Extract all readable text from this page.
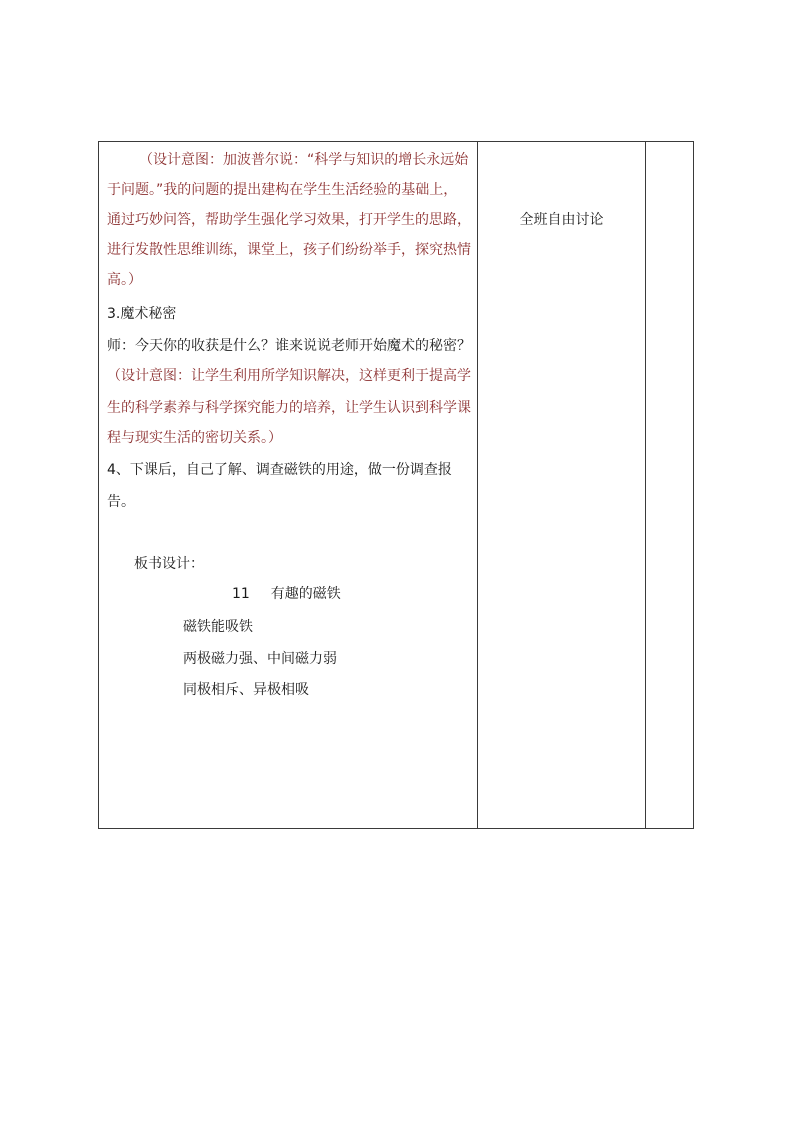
（设计意图：加波普尔说：“科学与知识的增长永远始
于问题。”我的问题的提出建构在学生生活经验的基础上，
通过巧妙问答，帮助学生强化学习效果，打开学生的思路，
进行发散性思维训练，课堂上，孩子们纷纷举手，探究热情
高。）
3.魔术秘密
师：今天你的收获是什么？谁来说说老师开始魔术的秘密？
（设计意图：让学生利用所学知识解决，这样更利于提高学
生的科学素养与科学探究能力的培养，让学生认识到科学课
程与现实生活的密切关系。）
4、下课后，自己了解、调查磁铁的用途，做一份调查报
告。
板书设计：
11 有趣的磁铁
磁铁能吸铁
两极磁力强、中间磁力弱
同极相斥、异极相吸
全班自由讨论
